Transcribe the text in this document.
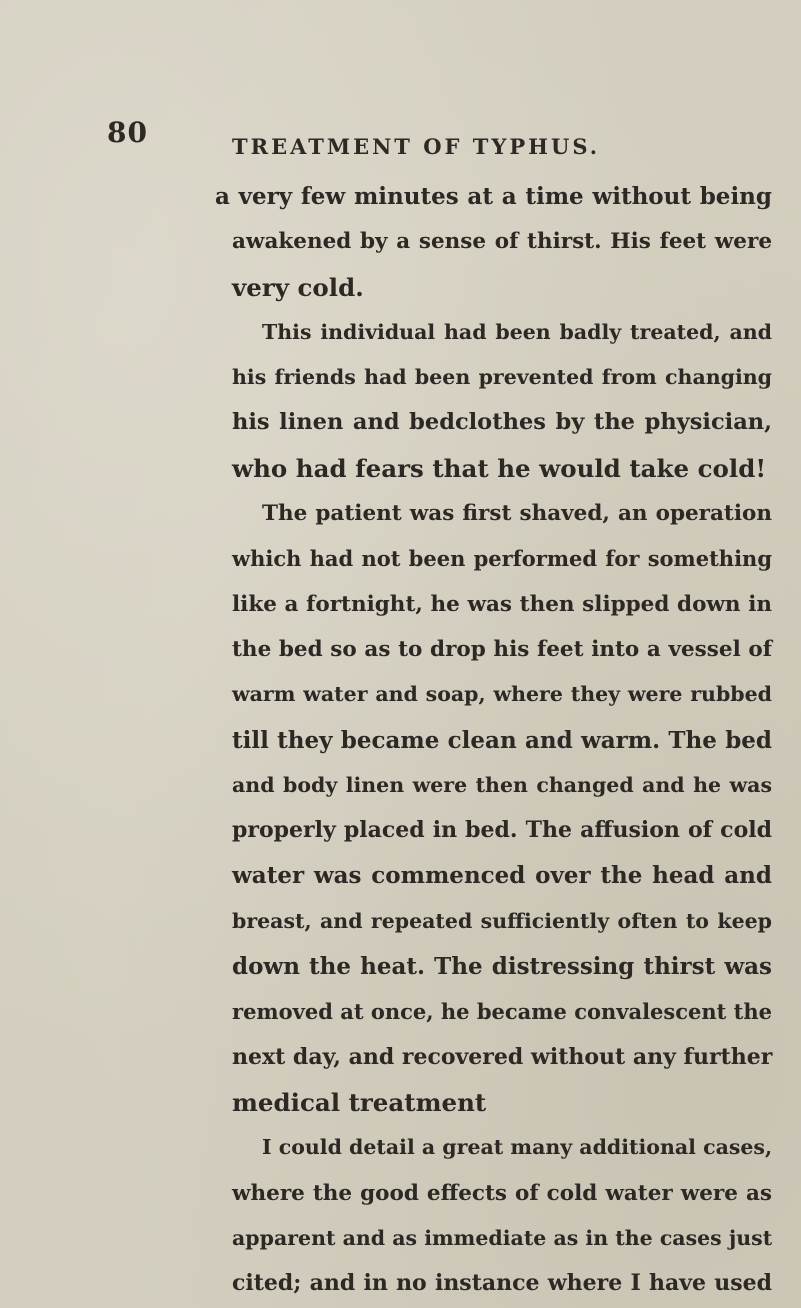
80	TREATMENT OF TYPHUS.
a very few minutes at a time without being
awakened by a sense of thirst. His feet were
very cold.
This individual had been badly treated, and
his friends had been prevented from changing
his linen and bedclothes by the physician,
who had fears that he would take cold!
The patient was first shaved, an operation
which had not been performed for something
like a fortnight, he was then slipped down in
the bed so as to drop his feet into a vessel of
warm water and soap, where they were rubbed
till they became clean and warm. The bed
and body linen were then changed and he was
properly placed in bed. The affusion of cold
water was commenced over the head and
breast, and repeated sufficiently often to keep
down the heat. The distressing thirst was
removed at once, he became convalescent the
next day, and recovered without any further
medical treatment
I could detail a great many additional cases,
where the good effects of cold water were as
apparent and as immediate as in the cases just
cited; and in no instance where I have used
